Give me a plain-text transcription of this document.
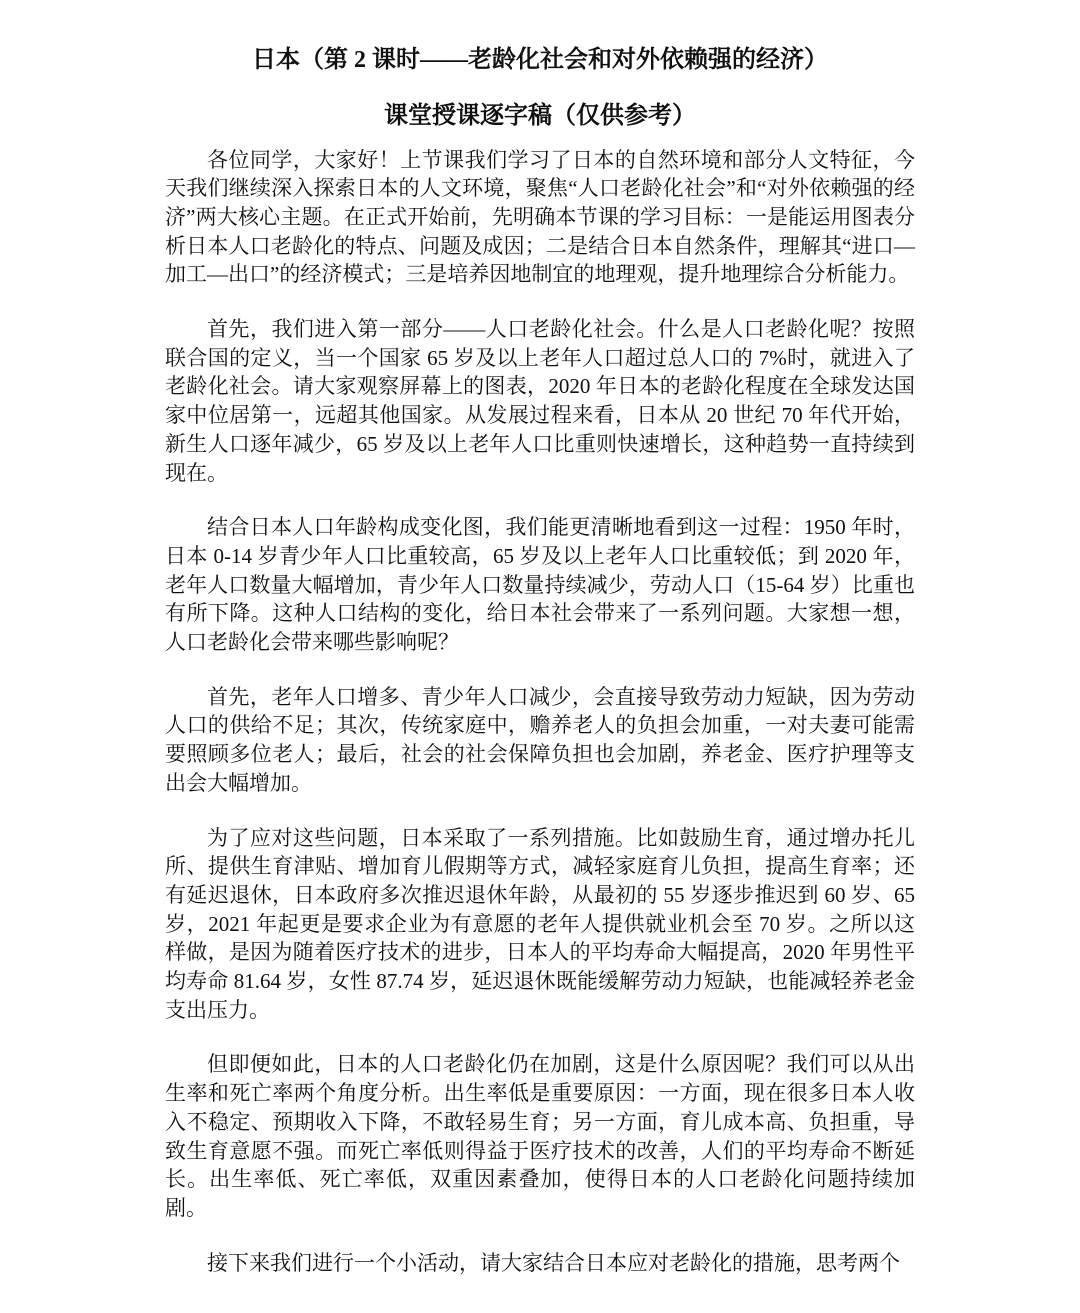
日本（第 2 课时——老龄化社会和对外依赖强的经济）
课堂授课逐字稿（仅供参考）

各位同学，大家好！上节课我们学习了日本的自然环境和部分人文特征，今天我们继续深入探索日本的人文环境，聚焦“人口老龄化社会”和“对外依赖强的经济”两大核心主题。在正式开始前，先明确本节课的学习目标：一是能运用图表分析日本人口老龄化的特点、问题及成因；二是结合日本自然条件，理解其“进口—加工—出口”的经济模式；三是培养因地制宜的地理观，提升地理综合分析能力。

首先，我们进入第一部分——人口老龄化社会。什么是人口老龄化呢？按照联合国的定义，当一个国家 65 岁及以上老年人口超过总人口的 7%时，就进入了老龄化社会。请大家观察屏幕上的图表，2020 年日本的老龄化程度在全球发达国家中位居第一，远超其他国家。从发展过程来看，日本从 20 世纪 70 年代开始，新生人口逐年减少，65 岁及以上老年人口比重则快速增长，这种趋势一直持续到现在。

结合日本人口年龄构成变化图，我们能更清晰地看到这一过程：1950 年时，日本 0-14 岁青少年人口比重较高，65 岁及以上老年人口比重较低；到 2020 年，老年人口数量大幅增加，青少年人口数量持续减少，劳动人口（15-64 岁）比重也有所下降。这种人口结构的变化，给日本社会带来了一系列问题。大家想一想，人口老龄化会带来哪些影响呢？

首先，老年人口增多、青少年人口减少，会直接导致劳动力短缺，因为劳动人口的供给不足；其次，传统家庭中，赡养老人的负担会加重，一对夫妻可能需要照顾多位老人；最后，社会的社会保障负担也会加剧，养老金、医疗护理等支出会大幅增加。

为了应对这些问题，日本采取了一系列措施。比如鼓励生育，通过增办托儿所、提供生育津贴、增加育儿假期等方式，减轻家庭育儿负担，提高生育率；还有延迟退休，日本政府多次推迟退休年龄，从最初的 55 岁逐步推迟到 60 岁、65 岁，2021 年起更是要求企业为有意愿的老年人提供就业机会至 70 岁。之所以这样做，是因为随着医疗技术的进步，日本人的平均寿命大幅提高，2020 年男性平均寿命 81.64 岁，女性 87.74 岁，延迟退休既能缓解劳动力短缺，也能减轻养老金支出压力。

但即便如此，日本的人口老龄化仍在加剧，这是什么原因呢？我们可以从出生率和死亡率两个角度分析。出生率低是重要原因：一方面，现在很多日本人收入不稳定、预期收入下降，不敢轻易生育；另一方面，育儿成本高、负担重，导致生育意愿不强。而死亡率低则得益于医疗技术的改善，人们的平均寿命不断延长。出生率低、死亡率低，双重因素叠加，使得日本的人口老龄化问题持续加剧。

接下来我们进行一个小活动，请大家结合日本应对老龄化的措施，思考两个
